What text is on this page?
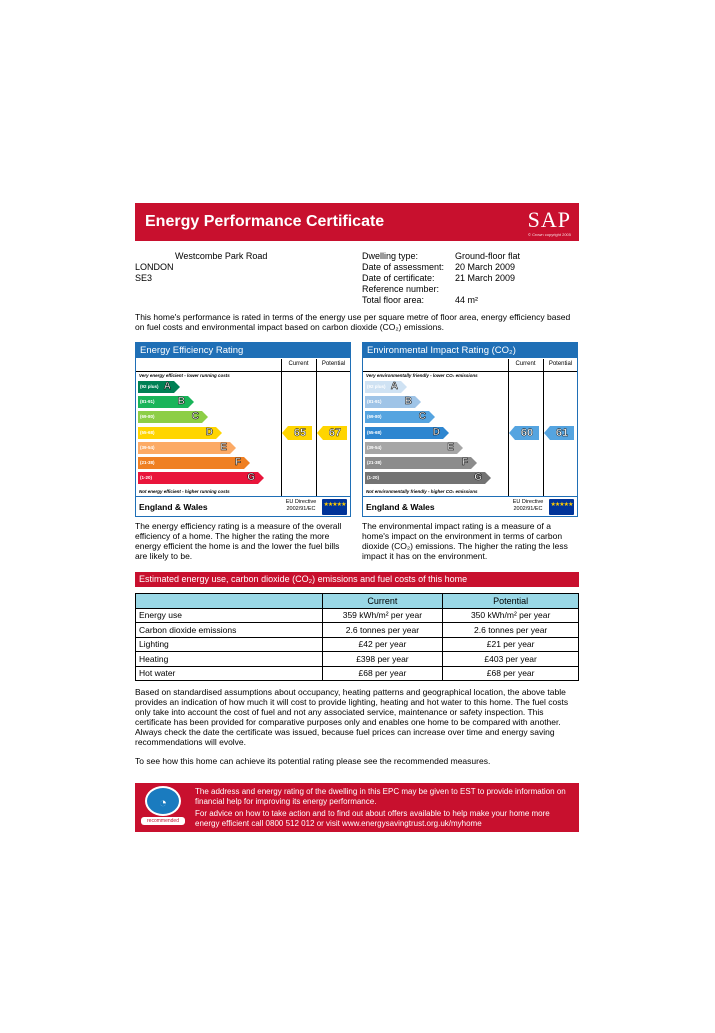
Energy Performance Certificate	SAP
© Crown copyright 2005
Westcombe Park Road
LONDON
SE3
Dwelling type:	Ground-floor flat
Date of assessment:	20 March 2009
Date of certificate:	21 March 2009
Reference number:
Total floor area:	44 m²
This home's performance is rated in terms of the energy use per square metre of floor area, energy efficiency based on fuel costs and environmental impact based on carbon dioxide (CO₂) emissions.
Energy Efficiency Rating
Current	Potential
Very energy efficient - lower running costs
Not energy efficient - higher running costs
(92 plus) A
(81-91) B
(69-80)	C
(55-68)	D
(39-54)	E
(21-38)	F
(1-20)	G
65	67
England & Wales	EU Directive 2002/91/EC
★★★★★
Environmental Impact Rating (CO₂)
Current	Potential
Very environmentally friendly - lower CO₂ emissions
Not environmentally friendly - higher CO₂ emissions
(92 plus) A
(81-91) B
(69-80)	C
(55-68)	D
(39-54)	E
(21-38)	F
(1-20)	G
60	61
England & Wales	EU Directive 2002/91/EC
★★★★★
The energy efficiency rating is a measure of the overall efficiency of a home. The higher the rating the more energy efficient the home is and the lower the fuel bills are likely to be.
The environmental impact rating is a measure of a home's impact on the environment in terms of carbon dioxide (CO₂) emissions. The higher the rating the less impact it has on the environment.
Estimated energy use, carbon dioxide (CO₂) emissions and fuel costs of this home
	Current	Potential
Energy use	359 kWh/m² per year	350 kWh/m² per year
Carbon dioxide emissions	2.6 tonnes per year	2.6 tonnes per year
Lighting	£42 per year	£21 per year
Heating	£398 per year	£403 per year
Hot water	£68 per year	£68 per year
Based on standardised assumptions about occupancy, heating patterns and geographical location, the above table provides an indication of how much it will cost to provide lighting, heating and hot water to this home. The fuel costs only take into account the cost of fuel and not any associated service, maintenance or safety inspection. This certificate has been provided for comparative purposes only and enables one home to be compared with another. Always check the date the certificate was issued, because fuel prices can increase over time and energy saving recommendations will evolve.
To see how this home can achieve its potential rating please see the recommended measures.
◔
recommended

The address and energy rating of the dwelling in this EPC may be given to EST to provide information on financial help for improving its energy performance.

For advice on how to take action and to find out about offers available to help make your home more energy efficient call 0800 512 012 or visit www.energysavingtrust.org.uk/myhome
